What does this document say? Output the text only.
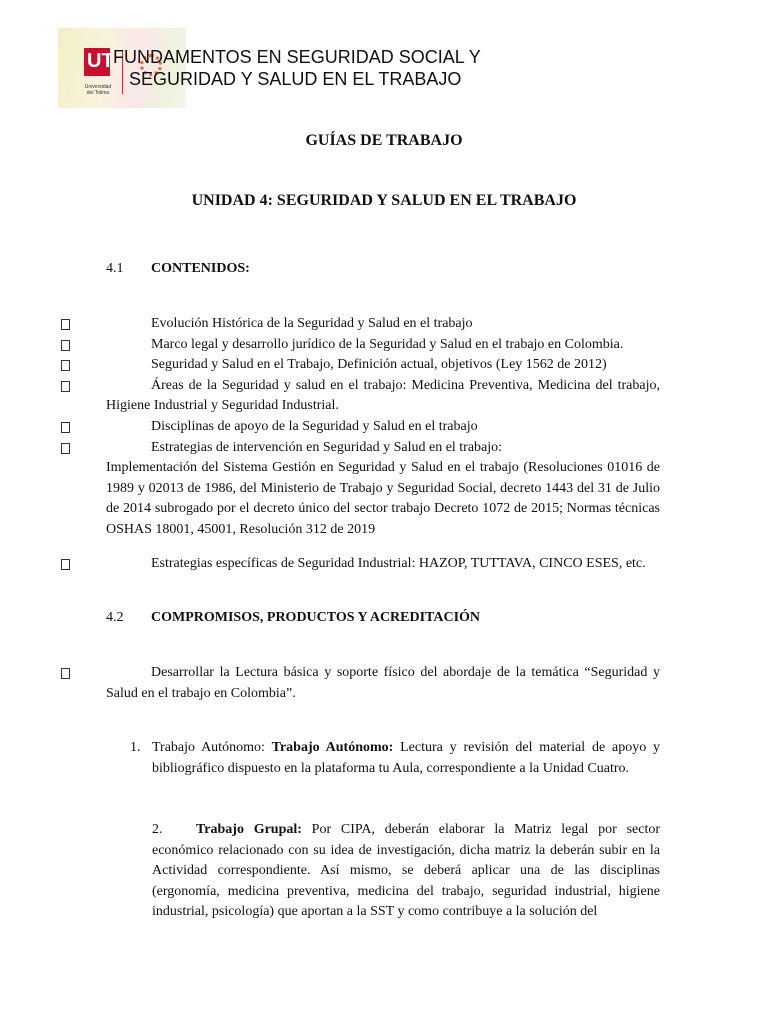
UT
Universidad
del Tolima
FUNDAMENTOS EN SEGURIDAD SOCIAL Y
SEGURIDAD Y SALUD EN EL TRABAJO
GUÍAS DE TRABAJO
UNIDAD 4: SEGURIDAD Y SALUD EN EL TRABAJO
4.1 CONTENIDOS:
Evolución Histórica de la Seguridad y Salud en el trabajo
Marco legal y desarrollo jurídico de la Seguridad y Salud en el trabajo en Colombia.
Seguridad y Salud en el Trabajo, Definición actual, objetivos (Ley 1562 de 2012)
Áreas de la Seguridad y salud en el trabajo: Medicina Preventiva, Medicina del trabajo, Higiene Industrial y Seguridad Industrial.
Disciplinas de apoyo de la Seguridad y Salud en el trabajo
Estrategias de intervención en Seguridad y Salud en el trabajo:
Implementación del Sistema Gestión en Seguridad y Salud en el trabajo (Resoluciones 01016 de 1989 y 02013 de 1986, del Ministerio de Trabajo y Seguridad Social, decreto 1443 del 31 de Julio de 2014 subrogado por el decreto único del sector trabajo Decreto 1072 de 2015; Normas técnicas OSHAS 18001, 45001, Resolución 312 de 2019
Estrategias específicas de Seguridad Industrial: HAZOP, TUTTAVA, CINCO ESES, etc.
4.2 COMPROMISOS, PRODUCTOS Y ACREDITACIÓN
Desarrollar la Lectura básica y soporte físico del abordaje de la temática “Seguridad y Salud en el trabajo en Colombia”.
1. Trabajo Autónomo: Trabajo Autónomo: Lectura y revisión del material de apoyo y bibliográfico dispuesto en la plataforma tu Aula, correspondiente a la Unidad Cuatro.
2. Trabajo Grupal: Por CIPA, deberán elaborar la Matriz legal por sector económico relacionado con su idea de investigación, dicha matriz la deberán subir en la Actividad correspondiente. Así mismo, se deberá aplicar una de las disciplinas (ergonomía, medicina preventiva, medicina del trabajo, seguridad industrial, higiene industrial, psicología) que aportan a la SST y como contribuye a la solución del
